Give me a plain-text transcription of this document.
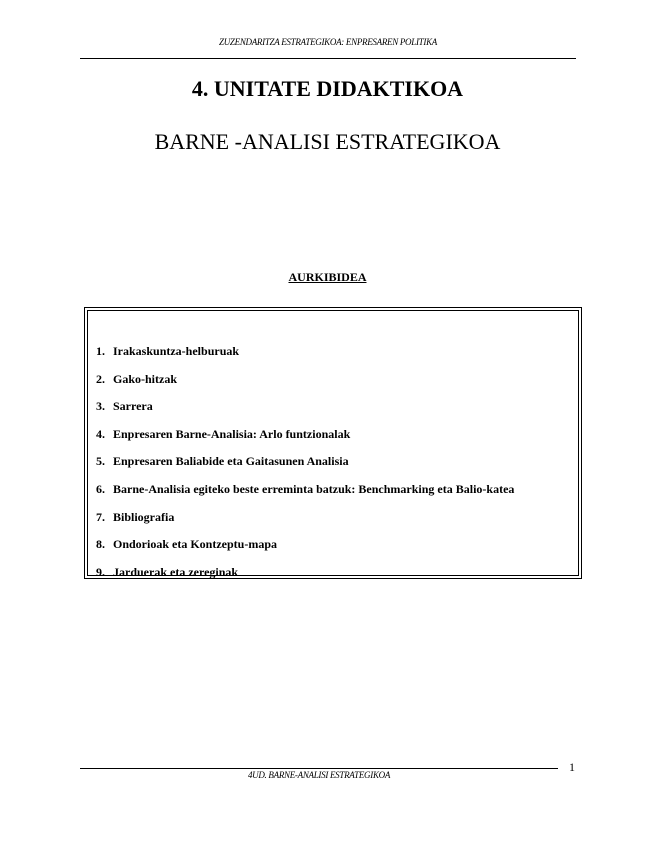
ZUZENDARITZA ESTRATEGIKOA: ENPRESAREN POLITIKA
4. UNITATE DIDAKTIKOA
BARNE -ANALISI ESTRATEGIKOA
AURKIBIDEA
1. Irakaskuntza-helburuak
2. Gako-hitzak
3. Sarrera
4. Enpresaren Barne-Analisia: Arlo funtzionalak
5. Enpresaren Baliabide eta Gaitasunen Analisia
6. Barne-Analisia egiteko beste erreminta batzuk: Benchmarking eta Balio-katea
7. Bibliografia
8. Ondorioak eta Kontzeptu-mapa
9. Jarduerak eta zereginak
4UD. BARNE-ANALISI ESTRATEGIKOA
1
